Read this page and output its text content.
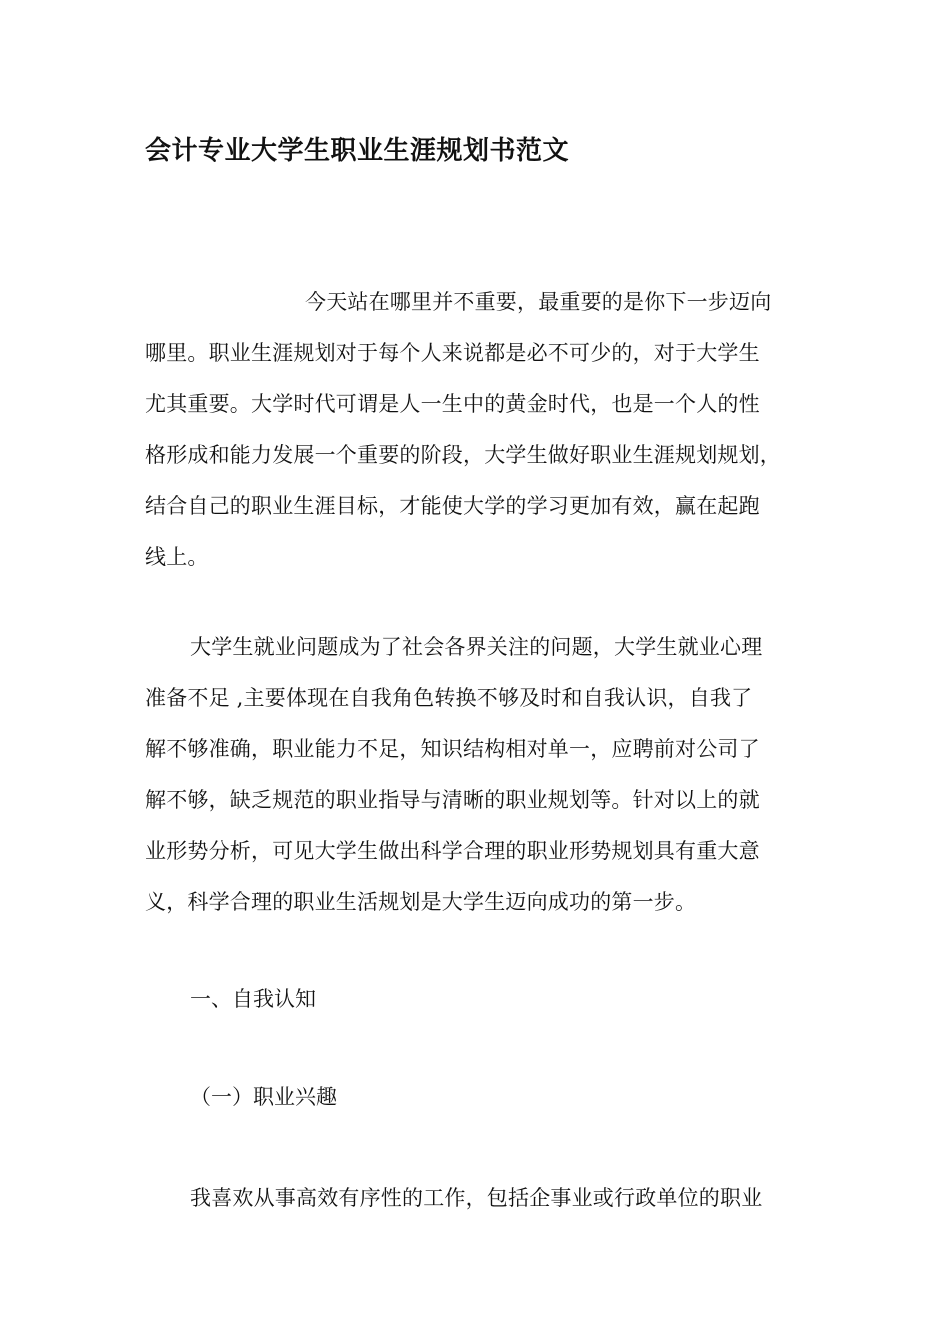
会计专业大学生职业生涯规划书范文
今天站在哪里并不重要，最重要的是你下一步迈向
哪里。职业生涯规划对于每个人来说都是必不可少的，对于大学生
尤其重要。大学时代可谓是人一生中的黄金时代，也是一个人的性
格形成和能力发展一个重要的阶段，大学生做好职业生涯规划规划，
结合自己的职业生涯目标，才能使大学的学习更加有效，赢在起跑
线上。
大学生就业问题成为了社会各界关注的问题，大学生就业心理
准备不足 ,主要体现在自我角色转换不够及时和自我认识，自我了
解不够准确，职业能力不足，知识结构相对单一，应聘前对公司了
解不够，缺乏规范的职业指导与清晰的职业规划等。针对以上的就
业形势分析，可见大学生做出科学合理的职业形势规划具有重大意
义，科学合理的职业生活规划是大学生迈向成功的第一步。
一、自我认知
（一）职业兴趣
我喜欢从事高效有序性的工作，包括企事业或行政单位的职业
